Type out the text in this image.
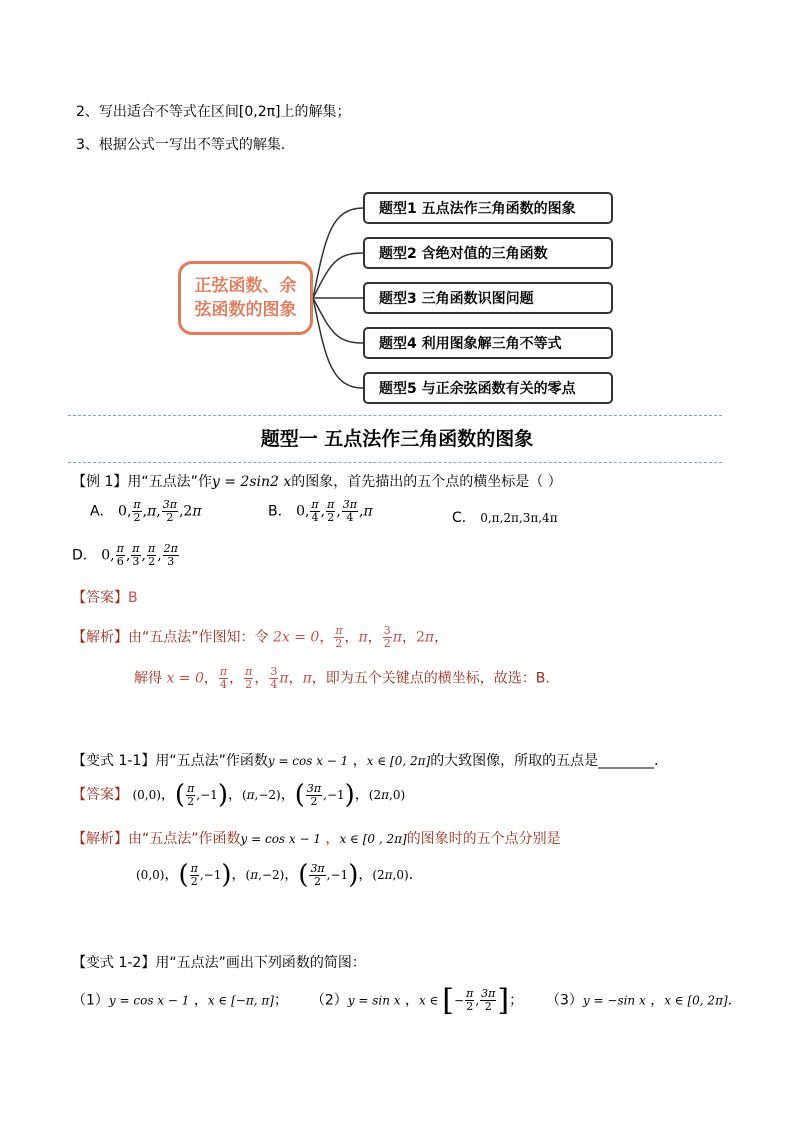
2、写出适合不等式在区间[0,2π]上的解集；
3、根据公式一写出不等式的解集．
正弦函数、余
弦函数的图象
题型1 五点法作三角函数的图象
题型2 含绝对值的三角函数
题型3 三角函数识图问题
题型4 利用图象解三角不等式
题型5 与正余弦函数有关的零点
题型一 五点法作三角函数的图象
【例 1】用“五点法”作y = 2sin2 x的图象，首先描出的五个点的横坐标是（ ）
A． 0, $\frac{\pi}{2} ,\pi$, $\frac{3\pi}{2} ,2\pi$	B． 0, $\frac{\pi}{4}$ , $\frac{\pi}{2}$ , $\frac{3\pi}{4} ,\pi$	C． 0,π,2π,3π,4π
D． 0, $\frac{\pi}{6}$ , $\frac{\pi}{3}$ , $\frac{\pi}{2}$ , $\frac{2\pi}{3}$
【答案】B
【解析】由“五点法”作图知：令 2x = 0， $\frac{\pi}{2}$ ，π， $\frac{3}{2}$ π，2π，
解得 x = 0， $\frac{\pi}{4}$ ， $\frac{\pi}{2}$ ， $\frac{3}{4}$ π，π，即为五个关键点的横坐标，故选：B.
【变式 1-1】用“五点法”作函数y = cos x − 1 ，x ∈ [0, 2π]的大致图像，所取的五点是________．
【答案】 (0,0)，( $\frac{\pi}{2} ,-1$)，(π,−2)，( $\frac{3\pi}{2} ,-1$)，(2π,0)
【解析】由“五点法”作函数y = cos x − 1 ，x ∈ [0 , 2π]的图象时的五个点分别是
(0,0)，( $\frac{\pi}{2} ,-1$)，(π,−2)，( $\frac{3\pi}{2} ,-1$)，(2π,0)．
【变式 1-2】用“五点法”画出下列函数的简图：
（1）y = cos x − 1 ，x ∈ [−π, π]；  （2）y = sin x ，x ∈ [− $\frac{\pi}{2}$ , $\frac{3\pi}{2}$ ]；  （3）y = −sin x ，x ∈ [0, 2π]．
